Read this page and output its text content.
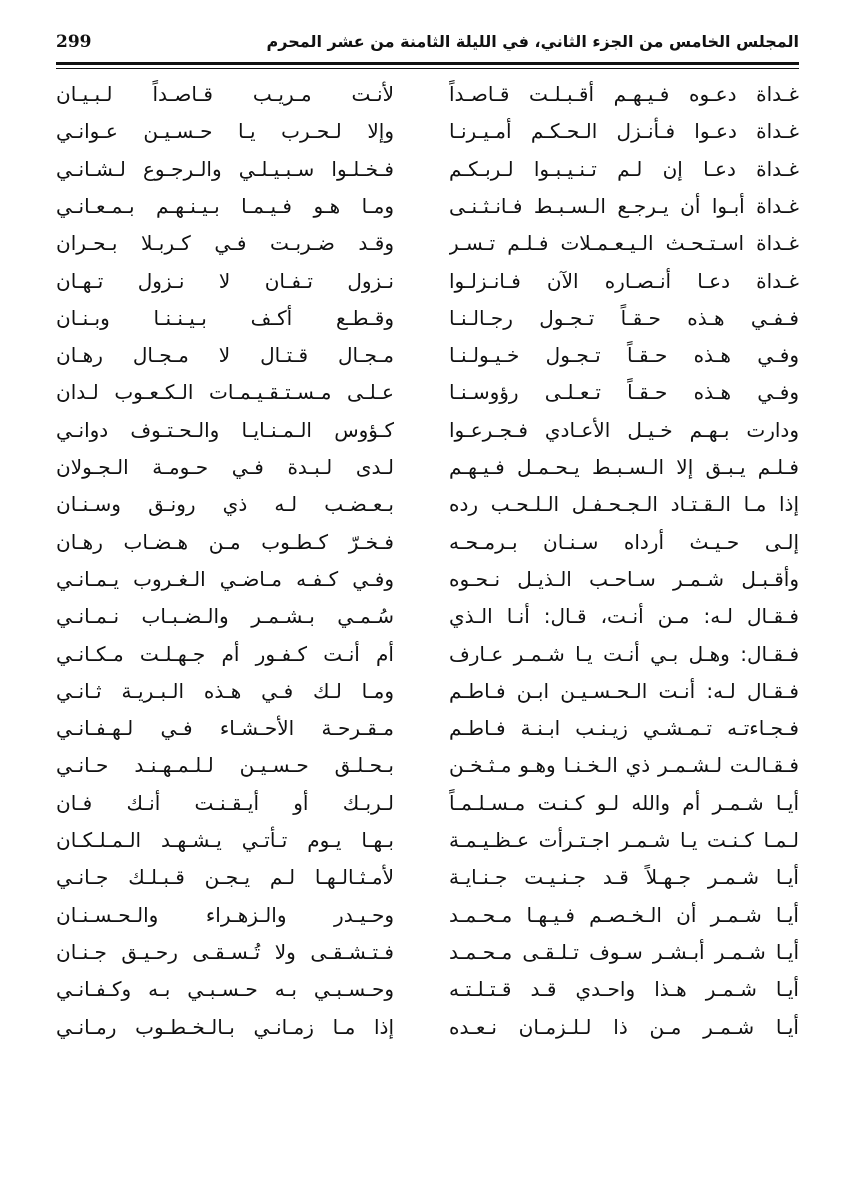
المجلس الخامس من الجزء الثاني، في الليلة الثامنة من عشر المحرم
299
غـداة دعـوه فـيـهـم أقـبـلـت قـاصـداً
لأنـت مـريـب قـاصـداً لـبـيـان
غـداة دعـوا فـأنـزل الـحـكـم أمـيـرنـا
وإلا لـحـرب يـا حـسـيـن عـوانـي
غـداة دعـا إن لـم تـنـيـبـوا لـربـكـم
فـخـلـوا سـبـيـلـي والـرجـوع لـشـانـي
غـداة أبـوا أن يـرجـع الـسـبـط فـانـثـنـى
ومـا هـو فـيـمـا بـيـنـهـم بـمـعـانـي
غـداة اسـتـحـث الـيـعـمـلات فـلـم تـسـر
وقـد ضـربـت فـي كـربـلا بـحـران
غـداة دعـا أنـصـاره الآن فـانـزلـوا
نـزول تـفـان لا نـزول تـهـان
فـفـي هـذه حـقـاً تـجـول رجـالـنـا
وقـطـع أكـف بـيـنـنـا وبـنـان
وفـي هـذه حـقـاً تـجـول خـيـولـنـا
مـجـال قـتـال لا مـجـال رهـان
وفـي هـذه حـقـاً تـعـلـى رؤوسـنـا
عـلـى مـسـتـقـيـمـات الـكـعـوب لـدان
ودارت بـهـم خـيـل الأعـادي فـجـرعـوا
كـؤوس الـمـنـايـا والـحـتـوف دوانـي
فـلـم يـبـق إلا الـسـبـط يـحـمـل فـيـهـم
لـدى لـبـدة فـي حـومـة الـجـولان
إذا مـا الـقـتـاد الـجـحـفـل الـلـحـب رده
بـعـضـب لـه ذي رونـق وسـنـان
إلـى حـيـث أرداه سـنـان بـرمـحـه
فـخـرّ كـطـوب مـن هـضـاب رهـان
وأقـبـل شـمـر سـاحـب الـذيـل نـحـوه
وفـي كـفـه مـاضـي الـغـروب يـمـانـي
فـقـال لـه: مـن أنـت، قـال: أنـا الـذي
سُـمـي بـشـمـر والـضـبـاب نـمـانـي
فـقـال: وهـل بـي أنـت يـا شـمـر عـارف
أم أنـت كـفـور أم جـهـلـت مـكـانـي
فـقـال لـه: أنـت الـحـسـيـن ابـن فـاطـم
ومـا لـك فـي هـذه الـبـريـة ثـانـي
فـجـاءتـه تـمـشـي زيـنـب ابـنـة فـاطـم
مـقـرحـة الأحـشـاء فـي لـهـفـانـي
فـقـالـت لـشـمـر ذي الـخـنـا وهـو مـثـخـن
بـحـلـق حـسـيـن لـلـمـهـنـد حـانـي
أيـا شـمـر أم والله لـو كـنـت مـسـلـمـاً
لـربـك أو أيـقـنـت أنـك فـان
لـمـا كـنـت يـا شـمـر اجـتـرأت عـظـيـمـة
بـهـا يـوم تـأتـي يـشـهـد الـمـلـكـان
أيـا شـمـر جـهـلاً قـد جـنـيـت جـنـايـة
لأمـثـالـهـا لـم يـجـن قـبـلـك جـانـي
أيـا شـمـر أن الـخـصـم فـيـهـا مـحـمـد
وحـيـدر والـزهـراء والـحـسـنـان
أيـا شـمـر أبـشـر سـوف تـلـقـى مـحـمـد
فـتـشـقـى ولا تُـسـقـى رحـيـق جـنـان
أيـا شـمـر هـذا واحـدي قـد قـتـلـتـه
وحـسـبـي بـه حـسـبـي بـه وكـفـانـي
أيـا شـمـر مـن ذا لـلـزمـان نـعـده
إذا مـا زمـانـي بـالـخـطـوب رمـانـي
